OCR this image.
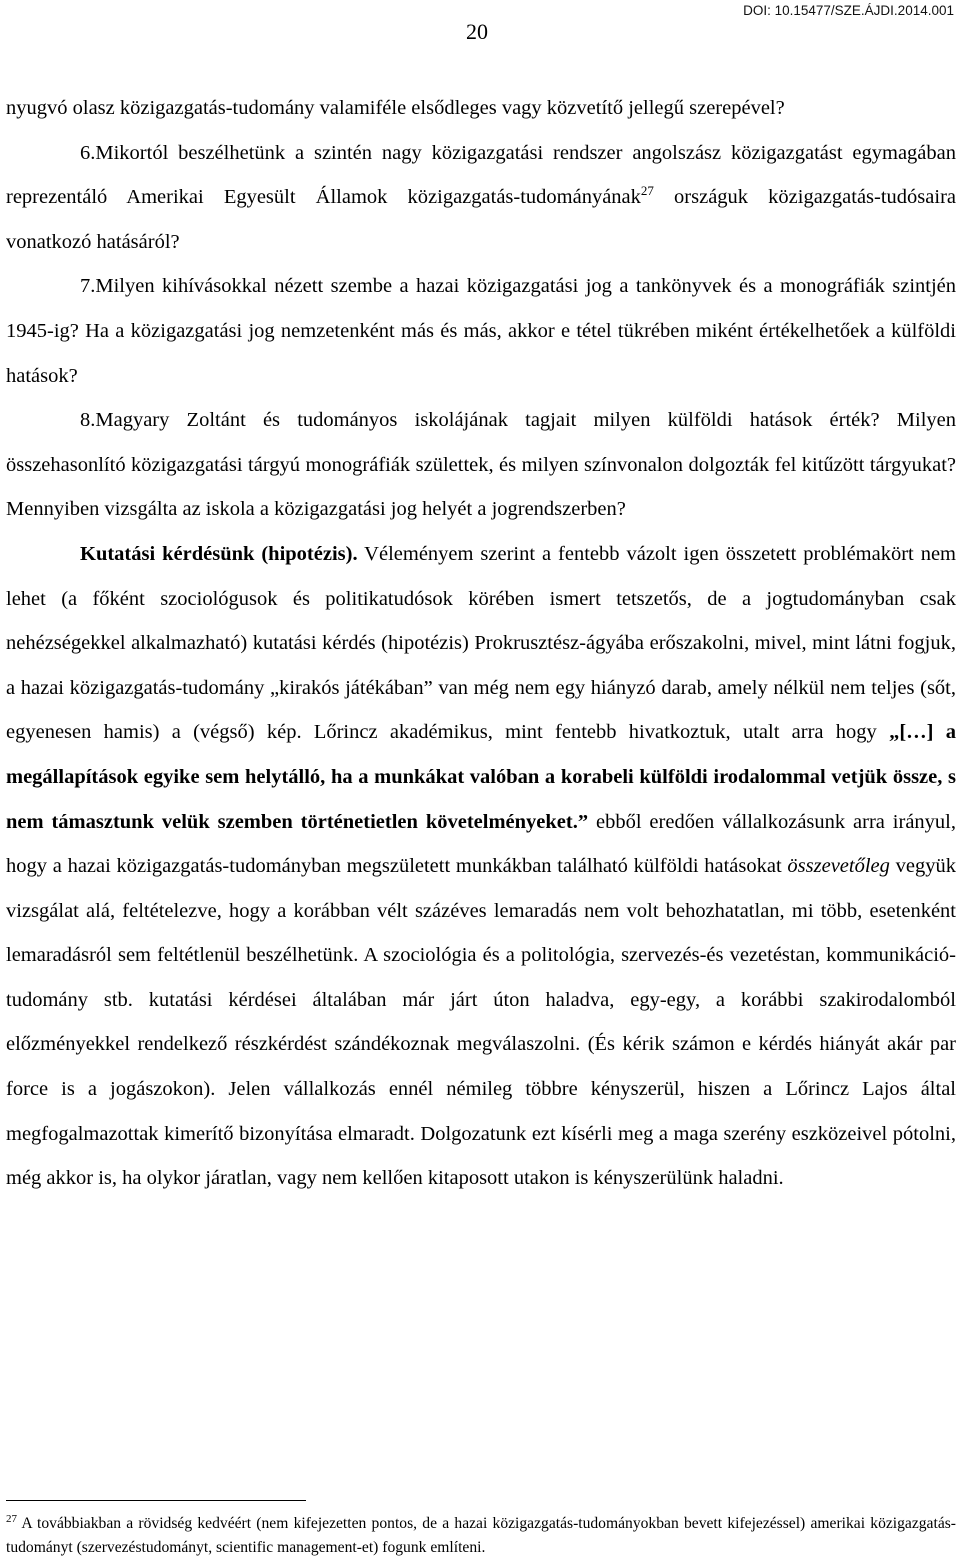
DOI: 10.15477/SZE.ÁJDI.2014.001
20

nyugvó olasz közigazgatás-tudomány valamiféle elsődleges vagy közvetítő jellegű szerepével?

6.Mikortól beszélhetünk a szintén nagy közigazgatási rendszer angolszász közigazgatást egymagában reprezentáló Amerikai Egyesült Államok közigazgatás-tudományának$^{27}$ országuk közigazgatás-tudósaira vonatkozó hatásáról?

7.Milyen kihívásokkal nézett szembe a hazai közigazgatási jog a tankönyvek és a monográfiák szintjén 1945-ig? Ha a közigazgatási jog nemzetenként más és más, akkor e tétel tükrében miként értékelhetőek a külföldi hatások?

8.Magyary Zoltánt és tudományos iskolájának tagjait milyen külföldi hatások érték? Milyen összehasonlító közigazgatási tárgyú monográfiák születtek, és milyen színvonalon dolgozták fel kitűzött tárgyukat? Mennyiben vizsgálta az iskola a közigazgatási jog helyét a jogrendszerben?

Kutatási kérdésünk (hipotézis). Véleményem szerint a fentebb vázolt igen összetett problémakört nem lehet (a főként szociológusok és politikatudósok körében ismert tetszetős, de a jogtudományban csak nehézségekkel alkalmazható) kutatási kérdés (hipotézis) Prokrusztész-ágyába erőszakolni, mivel, mint látni fogjuk, a hazai közigazgatás-tudomány „kirakós játékában” van még nem egy hiányzó darab, amely nélkül nem teljes (sőt, egyenesen hamis) a (végső) kép. Lőrincz akadémikus, mint fentebb hivatkoztuk, utalt arra hogy „[…] a megállapítások egyike sem helytálló, ha a munkákat valóban a korabeli külföldi irodalommal vetjük össze, s nem támasztunk velük szemben történetietlen követelményeket.” ebből eredően vállalkozásunk arra irányul, hogy a hazai közigazgatás-tudományban megszületett munkákban található külföldi hatásokat összevetőleg vegyük vizsgálat alá, feltételezve, hogy a korábban vélt százéves lemaradás nem volt behozhatatlan, mi több, esetenként lemaradásról sem feltétlenül beszélhetünk. A szociológia és a politológia, szervezés-és vezetéstan, kommunikáció-tudomány stb. kutatási kérdései általában már járt úton haladva, egy-egy, a korábbi szakirodalomból előzményekkel rendelkező részkérdést szándékoznak megválaszolni. (És kérik számon e kérdés hiányát akár par force is a jogászokon). Jelen vállalkozás ennél némileg többre kényszerül, hiszen a Lőrincz Lajos által megfogalmazottak kimerítő bizonyítása elmaradt. Dolgozatunk ezt kísérli meg a maga szerény eszközeivel pótolni, még akkor is, ha olykor járatlan, vagy nem kellően kitaposott utakon is kényszerülünk haladni.

$^{27}$ A továbbiakban a rövidség kedvéért (nem kifejezetten pontos, de a hazai közigazgatás-tudományokban bevett kifejezéssel) amerikai közigazgatás-tudományt (szervezéstudományt, scientific management-et) fogunk említeni.
